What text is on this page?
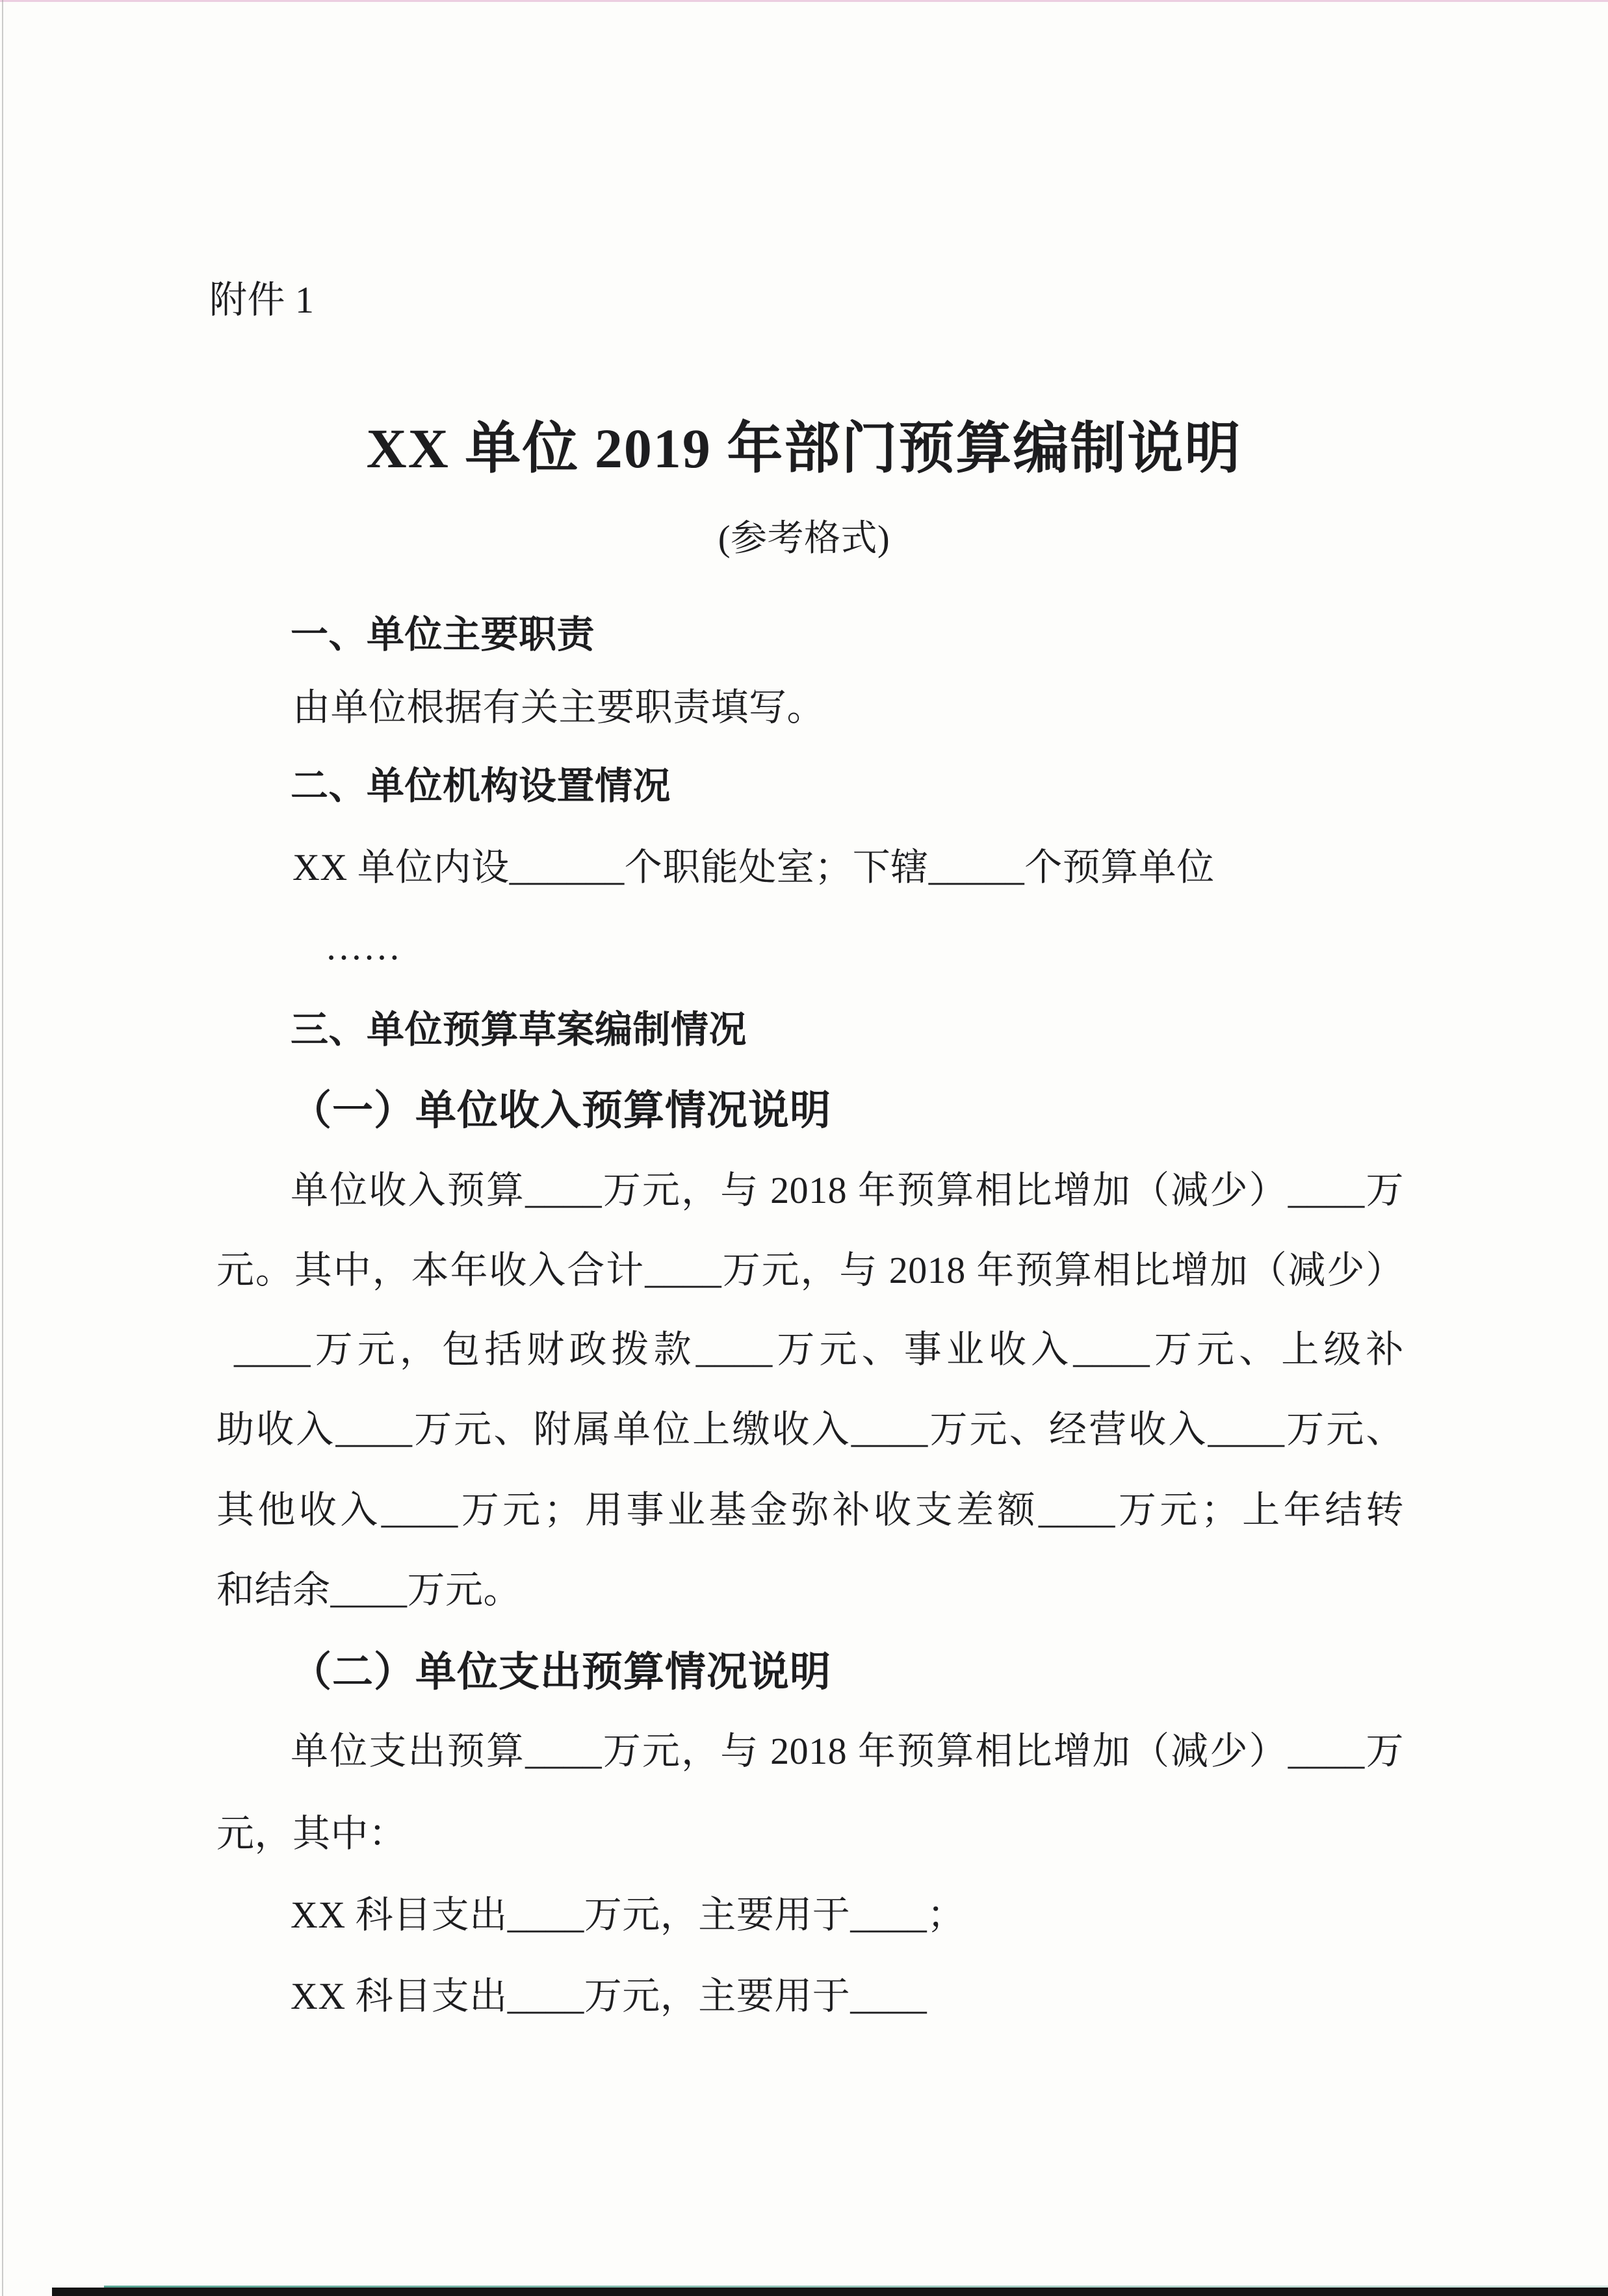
附件 1
XX 单位 2019 年部门预算编制说明
(参考格式)
一、单位主要职责
由单位根据有关主要职责填写。
二、单位机构设置情况
XX 单位内设______个职能处室；下辖_____个预算单位
……
三、单位预算草案编制情况
（一）单位收入预算情况说明
单位收入预算____万元，与 2018 年预算相比增加（减少）____万
元。其中，本年收入合计____万元，与 2018 年预算相比增加（减少）
____万元，包括财政拨款____万元、事业收入____万元、上级补
助收入____万元、附属单位上缴收入____万元、经营收入____万元、
其他收入____万元；用事业基金弥补收支差额____万元；上年结转
和结余____万元。
（二）单位支出预算情况说明
单位支出预算____万元，与 2018 年预算相比增加（减少）____万
元，其中：
XX 科目支出____万元，主要用于____；
XX 科目支出____万元，主要用于____
